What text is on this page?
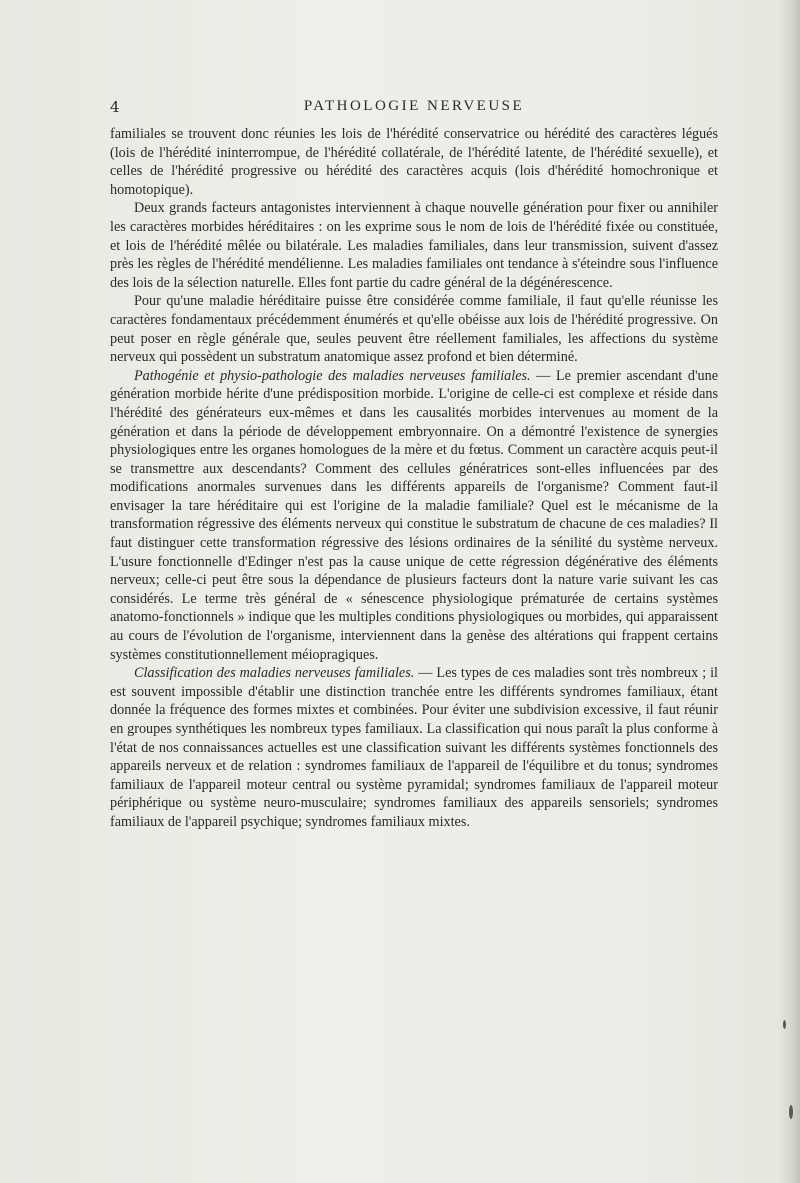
4	PATHOLOGIE NERVEUSE

familiales se trouvent donc réunies les lois de l'hérédité conservatrice ou hérédité des caractères légués (lois de l'hérédité ininterrompue, de l'hérédité collatérale, de l'hérédité latente, de l'hérédité sexuelle), et celles de l'hérédité progressive ou hérédité des caractères acquis (lois d'hérédité homochronique et homotopique).

Deux grands facteurs antagonistes interviennent à chaque nouvelle génération pour fixer ou annihiler les caractères morbides héréditaires : on les exprime sous le nom de lois de l'hérédité fixée ou constituée, et lois de l'hérédité mêlée ou bilatérale. Les maladies familiales, dans leur transmission, suivent d'assez près les règles de l'hérédité mendélienne. Les maladies familiales ont tendance à s'éteindre sous l'influence des lois de la sélection naturelle. Elles font partie du cadre général de la dégénérescence.

Pour qu'une maladie héréditaire puisse être considérée comme familiale, il faut qu'elle réunisse les caractères fondamentaux précédemment énumérés et qu'elle obéisse aux lois de l'hérédité progressive. On peut poser en règle générale que, seules peuvent être réellement familiales, les affections du système nerveux qui possèdent un substratum anatomique assez profond et bien déterminé.

Pathogénie et physio-pathologie des maladies nerveuses familiales. — Le premier ascendant d'une génération morbide hérite d'une prédisposition morbide. L'origine de celle-ci est complexe et réside dans l'hérédité des générateurs eux-mêmes et dans les causalités morbides intervenues au moment de la génération et dans la période de développement embryonnaire. On a démontré l'existence de synergies physiologiques entre les organes homologues de la mère et du fœtus. Comment un caractère acquis peut-il se transmettre aux descendants? Comment des cellules génératrices sont-elles influencées par des modifications anormales survenues dans les différents appareils de l'organisme? Comment faut-il envisager la tare héréditaire qui est l'origine de la maladie familiale? Quel est le mécanisme de la transformation régressive des éléments nerveux qui constitue le substratum de chacune de ces maladies? Il faut distinguer cette transformation régressive des lésions ordinaires de la sénilité du système nerveux. L'usure fonctionnelle d'Edinger n'est pas la cause unique de cette régression dégénérative des éléments nerveux; celle-ci peut être sous la dépendance de plusieurs facteurs dont la nature varie suivant les cas considérés. Le terme très général de « sénescence physiologique prématurée de certains systèmes anatomo-fonctionnels » indique que les multiples conditions physiologiques ou morbides, qui apparaissent au cours de l'évolution de l'organisme, interviennent dans la genèse des altérations qui frappent certains systèmes constitutionnellement méiopragiques.

Classification des maladies nerveuses familiales. — Les types de ces maladies sont très nombreux ; il est souvent impossible d'établir une distinction tranchée entre les différents syndromes familiaux, étant donnée la fréquence des formes mixtes et combinées. Pour éviter une subdivision excessive, il faut réunir en groupes synthétiques les nombreux types familiaux. La classification qui nous paraît la plus conforme à l'état de nos connaissances actuelles est une classification suivant les différents systèmes fonctionnels des appareils nerveux et de relation : syndromes familiaux de l'appareil de l'équilibre et du tonus; syndromes familiaux de l'appareil moteur central ou système pyramidal; syndromes familiaux de l'appareil moteur périphérique ou système neuro-musculaire; syndromes familiaux des appareils sensoriels; syndromes familiaux de l'appareil psychique; syndromes familiaux mixtes.
